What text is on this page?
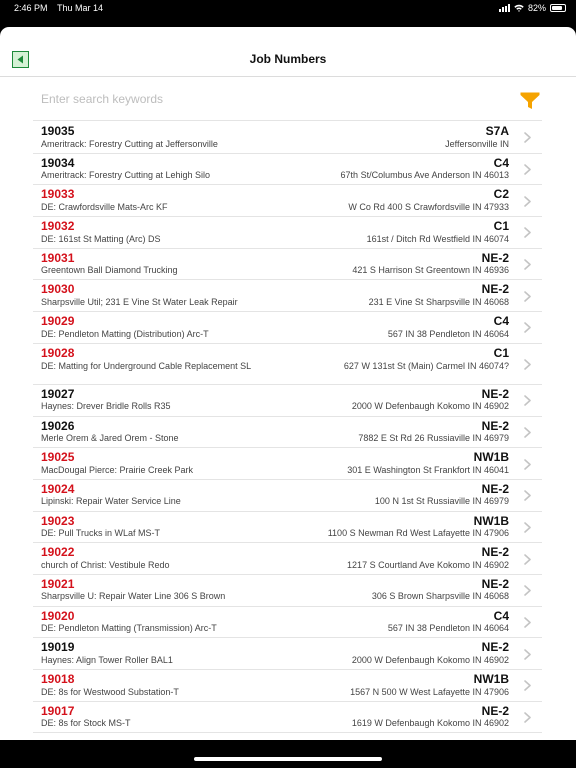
2:46 PM Thu Mar 14	82%
Job Numbers
Enter search keywords
19035
Ameritrack: Forestry Cutting at Jeffersonville
S7A
Jeffersonville IN
19034
Ameritrack: Forestry Cutting at Lehigh Silo
C4
67th St/Columbus Ave Anderson IN 46013
19033
DE: Crawfordsville Mats-Arc KF
C2
W Co Rd 400 S Crawfordsville IN 47933
19032
DE: 161st St Matting (Arc) DS
C1
161st / Ditch Rd Westfield IN 46074
19031
Greentown Ball Diamond Trucking
NE-2
421 S Harrison St Greentown IN 46936
19030
Sharpsville Util; 231 E Vine St Water Leak Repair
NE-2
231 E Vine St Sharpsville IN 46068
19029
DE: Pendleton Matting (Distribution) Arc-T
C4
567 IN 38 Pendleton IN 46064
19028
DE: Matting for Underground Cable Replacement SL
C1
627 W 131st St (Main) Carmel IN 46074?
19027
Haynes: Drever Bridle Rolls R35
NE-2
2000 W Defenbaugh Kokomo IN 46902
19026
Merle Orem & Jared Orem - Stone
NE-2
7882 E St Rd 26 Russiaville IN 46979
19025
MacDougal Pierce: Prairie Creek Park
NW1B
301 E Washington St Frankfort IN 46041
19024
Lipinski: Repair Water Service Line
NE-2
100 N 1st St Russiaville IN 46979
19023
DE: Pull Trucks in WLaf MS-T
NW1B
1100 S Newman Rd West Lafayette IN 47906
19022
church of Christ: Vestibule Redo
NE-2
1217 S Courtland Ave Kokomo IN 46902
19021
Sharpsville U: Repair Water Line 306 S Brown
NE-2
306 S Brown Sharpsville IN 46068
19020
DE: Pendleton Matting (Transmission) Arc-T
C4
567 IN 38 Pendleton IN 46064
19019
Haynes: Align Tower Roller BAL1
NE-2
2000 W Defenbaugh Kokomo IN 46902
19018
DE: 8s for Westwood Substation-T
NW1B
1567 N 500 W West Lafayette IN 47906
19017
DE: 8s for Stock MS-T
NE-2
1619 W Defenbaugh Kokomo IN 46902
